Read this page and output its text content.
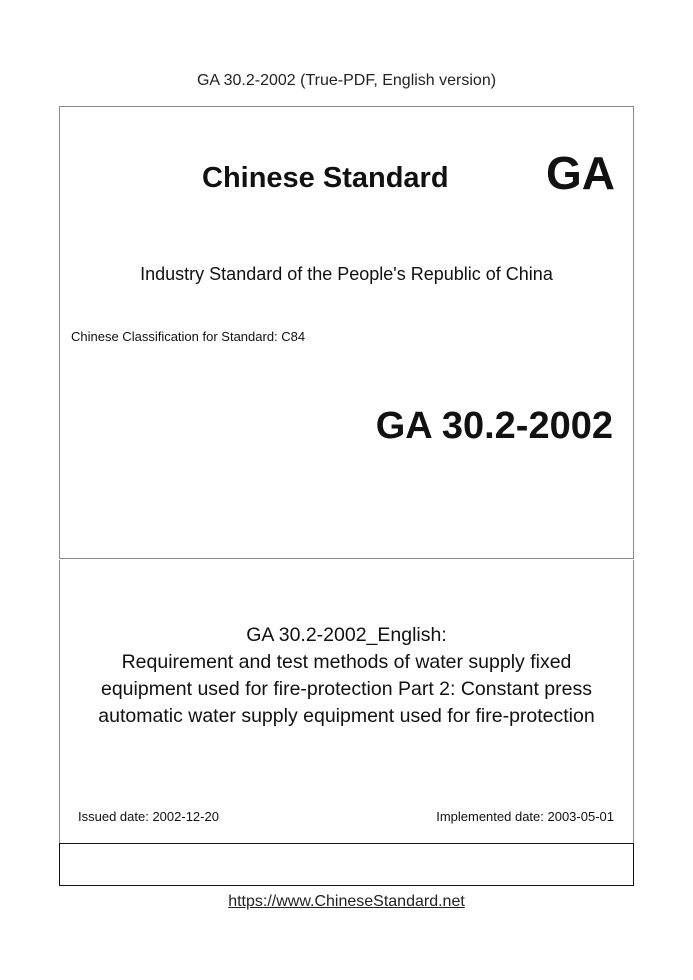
GA 30.2-2002 (True-PDF, English version)
Chinese Standard GA
Industry Standard of the People's Republic of China
Chinese Classification for Standard: C84
GA 30.2-2002
GA 30.2-2002_English:
Requirement and test methods of water supply fixed
equipment used for fire-protection Part 2: Constant press
automatic water supply equipment used for fire-protection
Issued date: 2002-12-20	Implemented date: 2003-05-01
https://www.ChineseStandard.net
